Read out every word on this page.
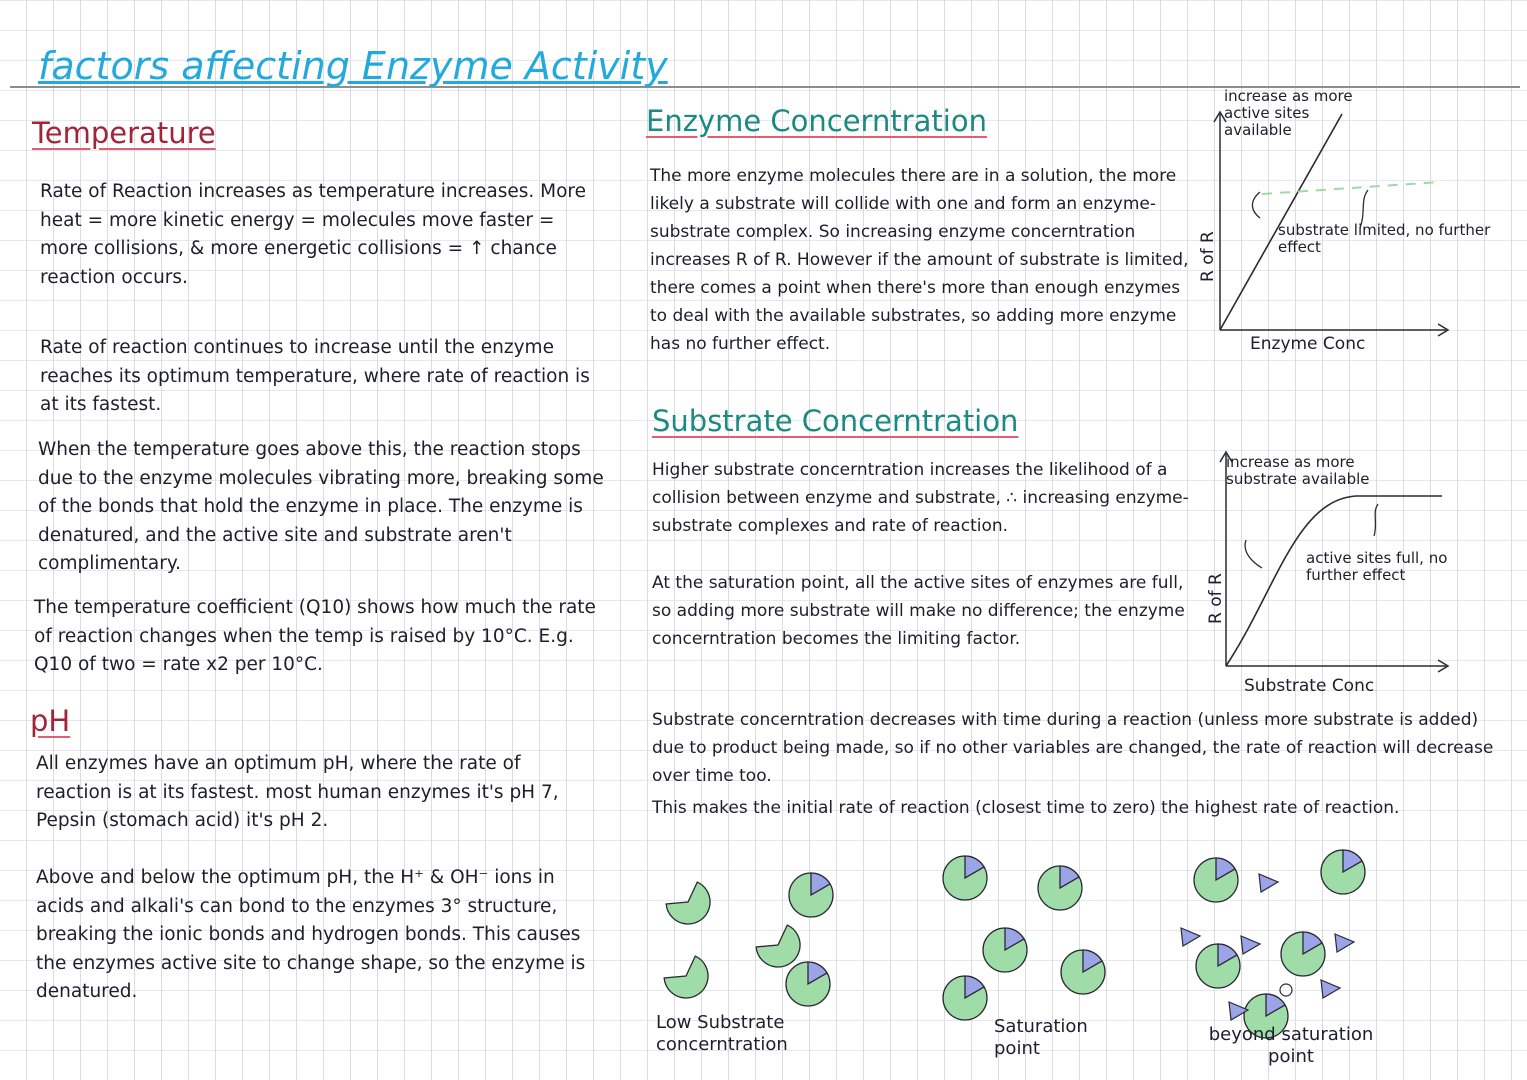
factors affecting Enzyme Activity
Temperature

Rate of Reaction increases as temperature increases. More heat = more kinetic energy = molecules move faster = more collisions, & more energetic collisions = ↑ chance reaction occurs.

Rate of reaction continues to increase until the enzyme reaches its optimum temperature, where rate of reaction is at its fastest.

When the temperature goes above this, the reaction stops due to the enzyme molecules vibrating more, breaking some of the bonds that hold the enzyme in place. The enzyme is denatured, and the active site and substrate aren't complimentary.

The temperature coefficient (Q10) shows how much the rate of reaction changes when the temp is raised by 10°C. E.g. Q10 of two = rate x2 per 10°C.

pH

All enzymes have an optimum pH, where the rate of reaction is at its fastest. most human enzymes it's pH 7, Pepsin (stomach acid) it's pH 2.

Above and below the optimum pH, the H⁺ & OH⁻ ions in acids and alkali's can bond to the enzymes 3° structure, breaking the ionic bonds and hydrogen bonds. This causes the enzymes active site to change shape, so the enzyme is denatured.

Enzyme Concerntration

The more enzyme molecules there are in a solution, the more likely a substrate will collide with one and form an enzyme-substrate complex. So increasing enzyme concerntration increases R of R. However if the amount of substrate is limited, there comes a point when there's more than enough enzymes to deal with the available substrates, so adding more enzyme has no further effect.

R of R
Enzyme Conc
increase as more active sites available
substrate limited, no further effect
Substrate Concerntration

Higher substrate concerntration increases the likelihood of a collision between enzyme and substrate, ∴ increasing enzyme-substrate complexes and rate of reaction.

At the saturation point, all the active sites of enzymes are full, so adding more substrate will make no difference; the enzyme concerntration becomes the limiting factor.

R of R
Substrate Conc
increase as more substrate available
active sites full, no further effect

Substrate concerntration decreases with time during a reaction (unless more substrate is added) due to product being made, so if no other variables are changed, the rate of reaction will decrease over time too.

This makes the initial rate of reaction (closest time to zero) the highest rate of reaction.

Low Substrate concerntration
Saturation point
beyond saturation point
